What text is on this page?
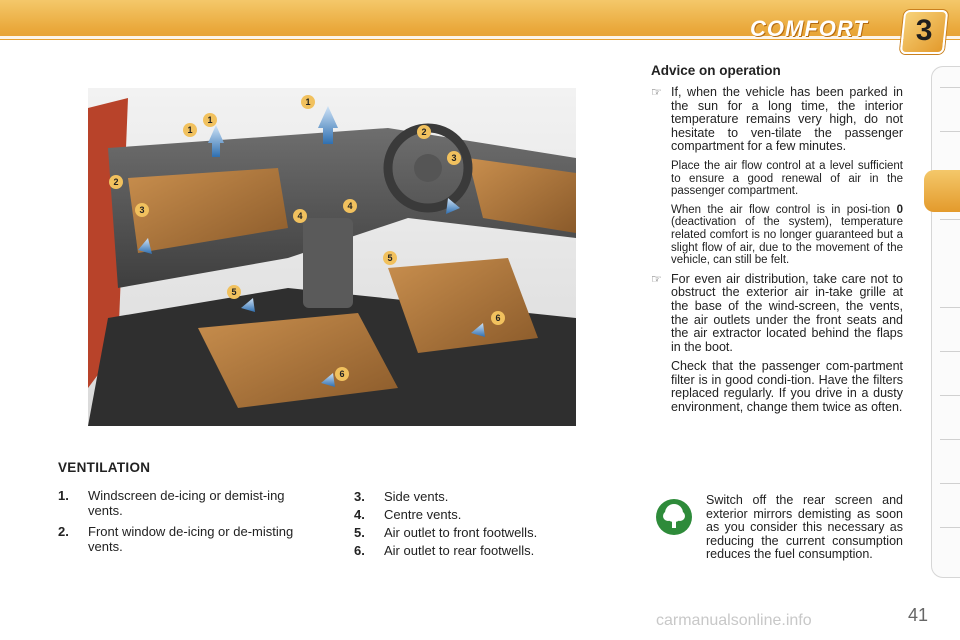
COMFORT	3
1
1
1
2
2
3
3
4
4
5
5
6
6
VENTILATION
1.	Windscreen de-icing or demist-ing vents.
2.	Front window de-icing or de-misting vents.
3.	Side vents.
4.	Centre vents.
5.	Air outlet to front footwells.
6.	Air outlet to rear footwells.
Advice on operation
☞ If, when the vehicle has been parked in the sun for a long time, the interior temperature remains very high, do not hesitate to ven-tilate the passenger compartment for a few minutes.

Place the air flow control at a level sufficient to ensure a good renewal of air in the passenger compartment.

When the air flow control is in posi-tion 0 (deactivation of the system), temperature related comfort is no longer guaranteed but a slight flow of air, due to the movement of the vehicle, can still be felt.

☞ For even air distribution, take care not to obstruct the exterior air in-take grille at the base of the wind-screen, the vents, the air outlets under the front seats and the air extractor located behind the flaps in the boot.

Check that the passenger com-partment filter is in good condi-tion. Have the filters replaced regularly. If you drive in a dusty environment, change them twice as often.

Switch off the rear screen and exterior mirrors demisting as soon as you consider this necessary as reducing the current consumption reduces the fuel consumption.
carmanualsonline.info	41
